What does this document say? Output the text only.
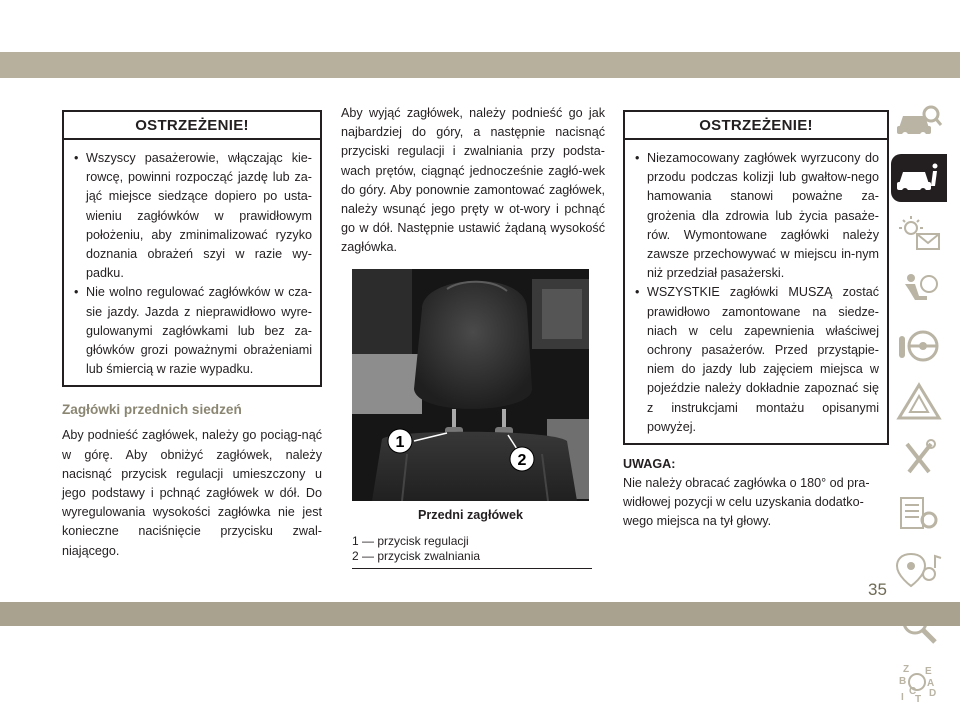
OSTRZEŻENIE!
• Wszyscy pasażerowie, włączając kie-rowcę, powinni rozpocząć jazdę lub za-jąć miejsce siedzące dopiero po usta-wieniu zagłówków w prawidłowym położeniu, aby zminimalizować ryzyko doznania obrażeń szyi w razie wy-padku.
• Nie wolno regulować zagłówków w cza-sie jazdy. Jazda z nieprawidłowo wyre-gulowanymi zagłówkami lub bez za-główków grozi poważnymi obrażeniami lub śmiercią w razie wypadku.
Zagłówki przednich siedzeń

Aby podnieść zagłówek, należy go pociąg-nąć w górę. Aby obniżyć zagłówek, należy nacisnąć przycisk regulacji umieszczony u jego podstawy i pchnąć zagłówek w dół. Do wyregulowania wysokości zagłówka nie jest konieczne naciśnięcie przycisku zwal-niającego.

Aby wyjąć zagłówek, należy podnieść go jak najbardziej do góry, a następnie nacisnąć przyciski regulacji i zwalniania przy podsta-wach prętów, ciągnąć jednocześnie zagłó-wek do góry. Aby ponownie zamontować zagłówek, należy wsunąć jego pręty w ot-wory i pchnąć go w dół. Następnie ustawić żądaną wysokość zagłówka.

1
2
Przedni zagłówek
1 — przycisk regulacji
2 — przycisk zwalniania
OSTRZEŻENIE!
• Niezamocowany zagłówek wyrzucony do przodu podczas kolizji lub gwałtow-nego hamowania stanowi poważne za-grożenia dla zdrowia lub życia pasaże-rów. Wymontowane zagłówki należy zawsze przechowywać w miejscu in-nym niż przedział pasażerski.
• WSZYSTKIE zagłówki MUSZĄ zostać prawidłowo zamontowane na siedze-niach w celu zapewnienia właściwej ochrony pasażerów. Przed przystąpie-niem do jazdy lub zajęciem miejsca w pojeździe należy dokładnie zapoznać się z instrukcjami montażu opisanymi powyżej.
UWAGA:

Nie należy obracać zagłówka o 180° od pra-widłowej pozycji w celu uzyskania dodatko-wego miejsca na tył głowy.

Z E
B A
C D
I T
35
